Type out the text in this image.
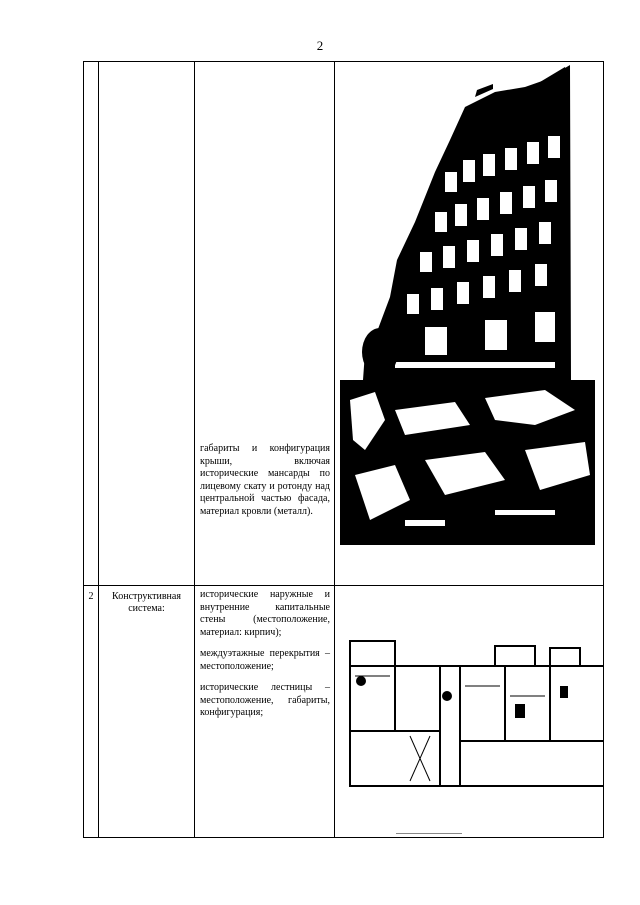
2

		габариты и конфигурация крыши, включая исторические мансарды по лицевому скату и ротонду над центральной частью фасада, материал кровли (металл).

2	Конструктивная система:	исторические наружные и внутренние капитальные стены (местоположение, материал: кирпич);

междуэтажные перекрытия – местоположение;

исторические лестницы – местоположение, габариты, конфигурация;
